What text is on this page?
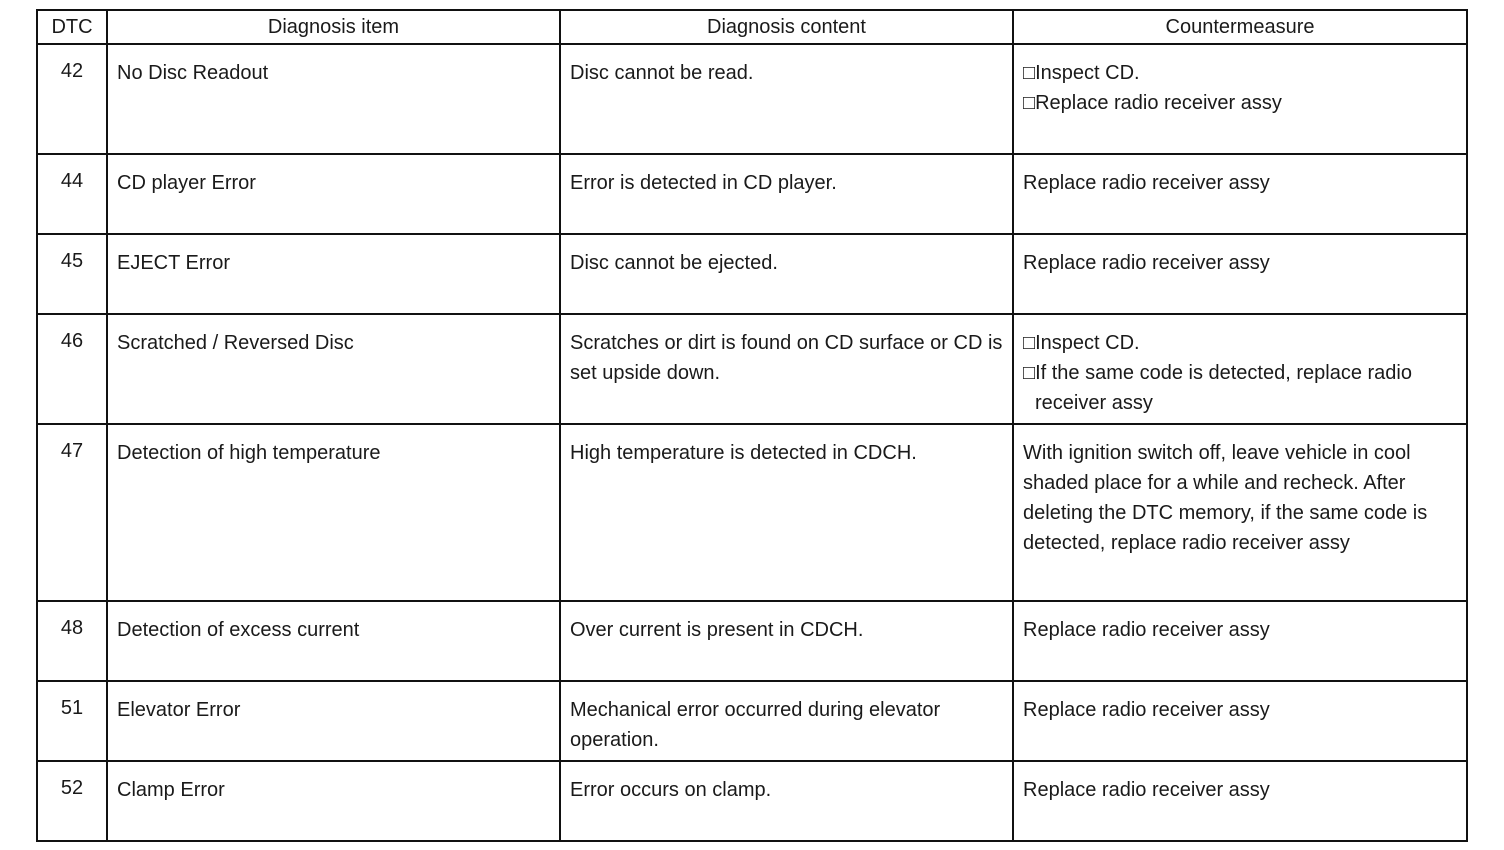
DTC	Diagnosis item	Diagnosis content	Countermeasure
42	No Disc Readout	Disc cannot be read.	□Inspect CD.
□Replace radio receiver assy

44	CD player Error	Error is detected in CD player.	Replace radio receiver assy

45	EJECT Error	Disc cannot be ejected.	Replace radio receiver assy

46	Scratched / Reversed Disc	Scratches or dirt is found on CD surface or CD is set upside down.	□Inspect CD.
□If the same code is detected, replace radio
receiver assy

47	Detection of high temperature	High temperature is detected in CDCH.	With ignition switch off, leave vehicle in cool shaded place for a while and recheck. After deleting the DTC memory, if the same code is detected, replace radio receiver assy

48	Detection of excess current	Over current is present in CDCH.	Replace radio receiver assy

51	Elevator Error	Mechanical error occurred during elevator operation.	Replace radio receiver assy

52	Clamp Error	Error occurs on clamp.	Replace radio receiver assy
